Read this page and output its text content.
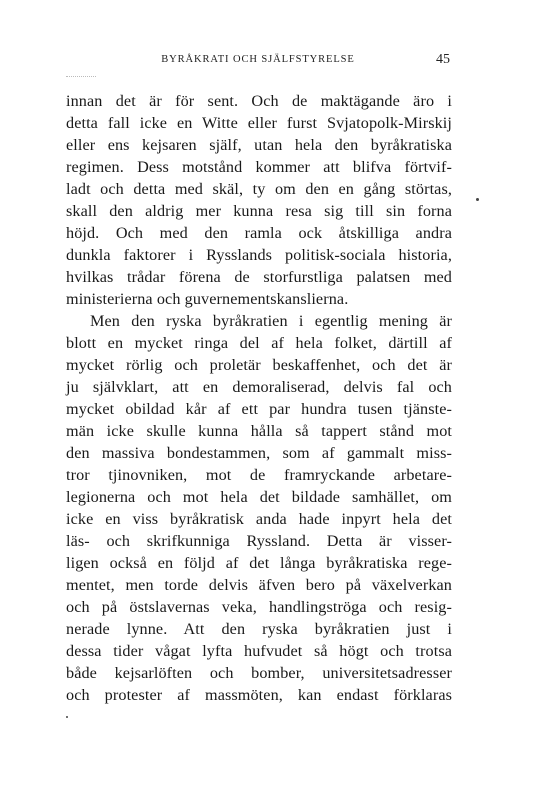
BYRÅKRATI OCH SJÄLFSTYRELSE	45
innan det är för sent. Och de maktägande äro i
detta fall icke en Witte eller furst Svjatopolk-Mirskij
eller ens kejsaren själf, utan hela den byråkratiska
regimen. Dess motstånd kommer att blifva förtvif-
ladt och detta med skäl, ty om den en gång störtas,
skall den aldrig mer kunna resa sig till sin forna
höjd. Och med den ramla ock åtskilliga andra
dunkla faktorer i Rysslands politisk-sociala historia,
hvilkas trådar förena de storfurstliga palatsen med
ministerierna och guvernementskanslierna.
Men den ryska byråkratien i egentlig mening är
blott en mycket ringa del af hela folket, därtill af
mycket rörlig och proletär beskaffenhet, och det är
ju självklart, att en demoraliserad, delvis fal och
mycket obildad kår af ett par hundra tusen tjänste-
män icke skulle kunna hålla så tappert stånd mot
den massiva bondestammen, som af gammalt miss-
tror tjinovniken, mot de framryckande arbetare-
legionerna och mot hela det bildade samhället, om
icke en viss byråkratisk anda hade inpyrt hela det
läs- och skrifkunniga Ryssland. Detta är visser-
ligen också en följd af det långa byråkratiska rege-
mentet, men torde delvis äfven bero på växelverkan
och på östslavernas veka, handlingströga och resig-
nerade lynne. Att den ryska byråkratien just i
dessa tider vågat lyfta hufvudet så högt och trotsa
både kejsarlöften och bomber, universitetsadresser
och protester af massmöten, kan endast förklaras
